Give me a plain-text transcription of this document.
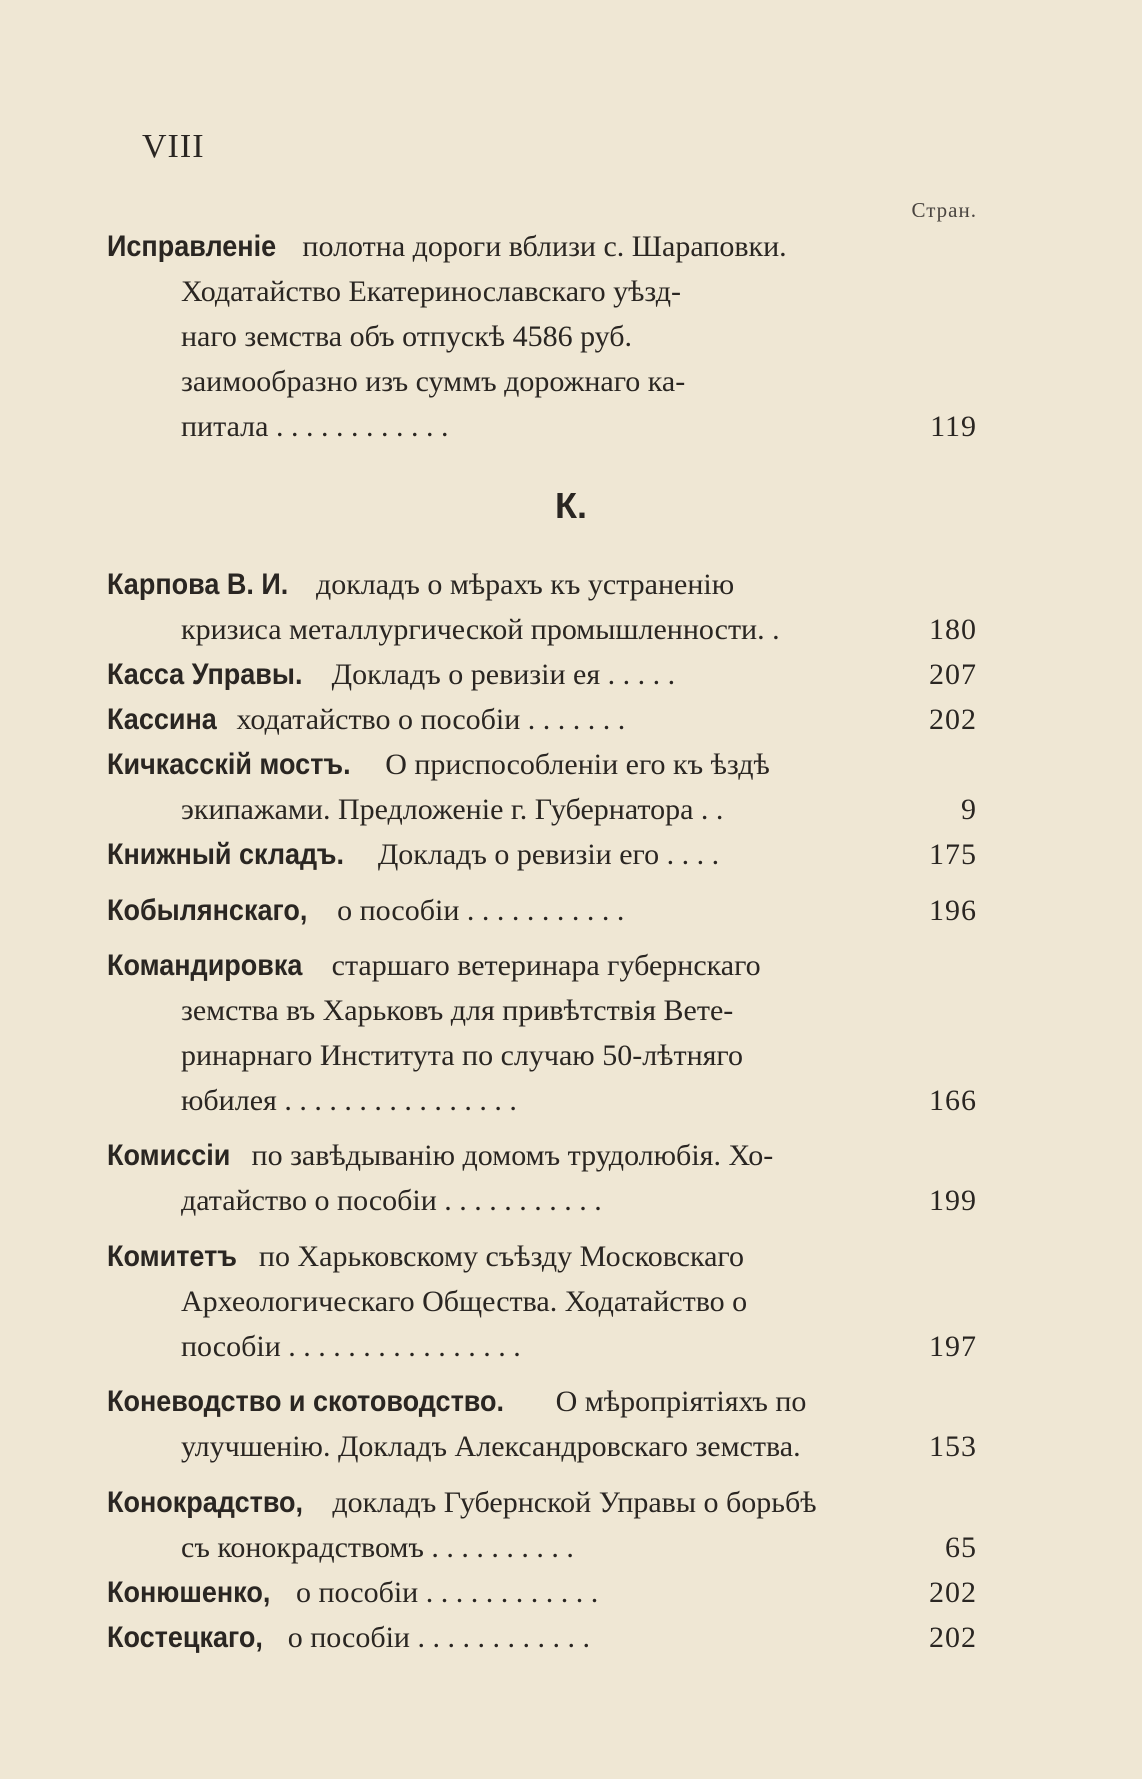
VIII
Стран.
К.
Исправленіе полотна дороги вблизи с. Шараповки.
Ходатайство Екатеринославскаго уѣзд-
наго земства объ отпускѣ 4586 руб.
заимообразно изъ суммъ дорожнаго ка-
питала . . . . . . . . . . . .	119
Карпова В. И. докладъ о мѣрахъ къ устраненію
кризиса металлургической промышленности. .	180
Касса Управы. Докладъ о ревизіи ея . . . . .	207
Кассина ходатайство о пособіи . . . . . . .	202
Кичкасскій мостъ. О приспособленіи его къ ѣздѣ
экипажами. Предложеніе г. Губернатора . .	9
Книжный складъ. Докладъ о ревизіи его . . . .	175
Кобылянскаго, о пособіи . . . . . . . . . . .	196
Командировка старшаго ветеринара губернскаго
земства въ Харьковъ для привѣтствія Вете-
ринарнаго Института по случаю 50-лѣтняго
юбилея . . . . . . . . . . . . . . . .	166
Комиссіи по завѣдыванію домомъ трудолюбія. Хо-
датайство о пособіи . . . . . . . . . . .	199
Комитетъ по Харьковскому съѣзду Московскаго
Археологическаго Общества. Ходатайство о
пособіи . . . . . . . . . . . . . . . .	197
Коневодство и скотоводство. О мѣропріятіяхъ по
улучшенію. Докладъ Александровскаго земства.	153
Конокрадство, докладъ Губернской Управы о борьбѣ
съ конокрадствомъ . . . . . . . . . .	65
Конюшенко, о пособіи . . . . . . . . . . . .	202
Костецкаго, о пособіи . . . . . . . . . . . .	202
